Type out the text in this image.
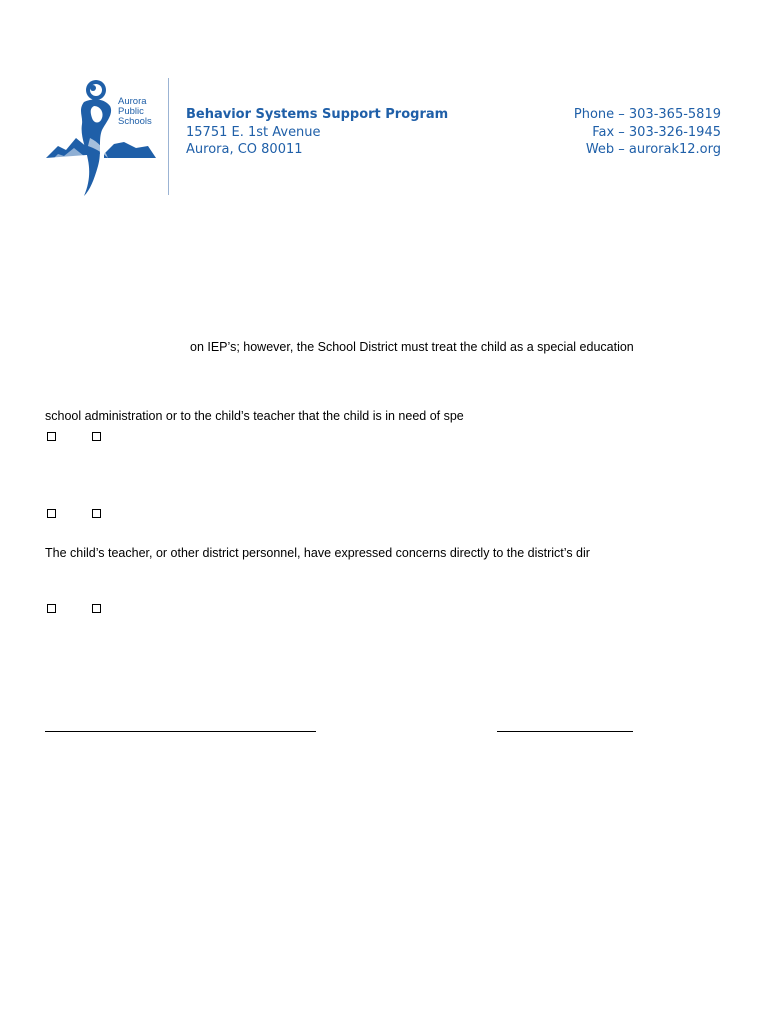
Aurora
Public
Schools	Behavior Systems Support Program
15751 E. 1st Avenue
Aurora, CO 80011
Phone – 303-365-5819
Fax – 303-326-1945
Web – aurorak12.org
on IEP’s; however, the School District must treat the child as a special education
school administration or to the child’s teacher that the child is in need of spe
The child’s teacher, or other district personnel, have expressed concerns directly to the district’s dir
